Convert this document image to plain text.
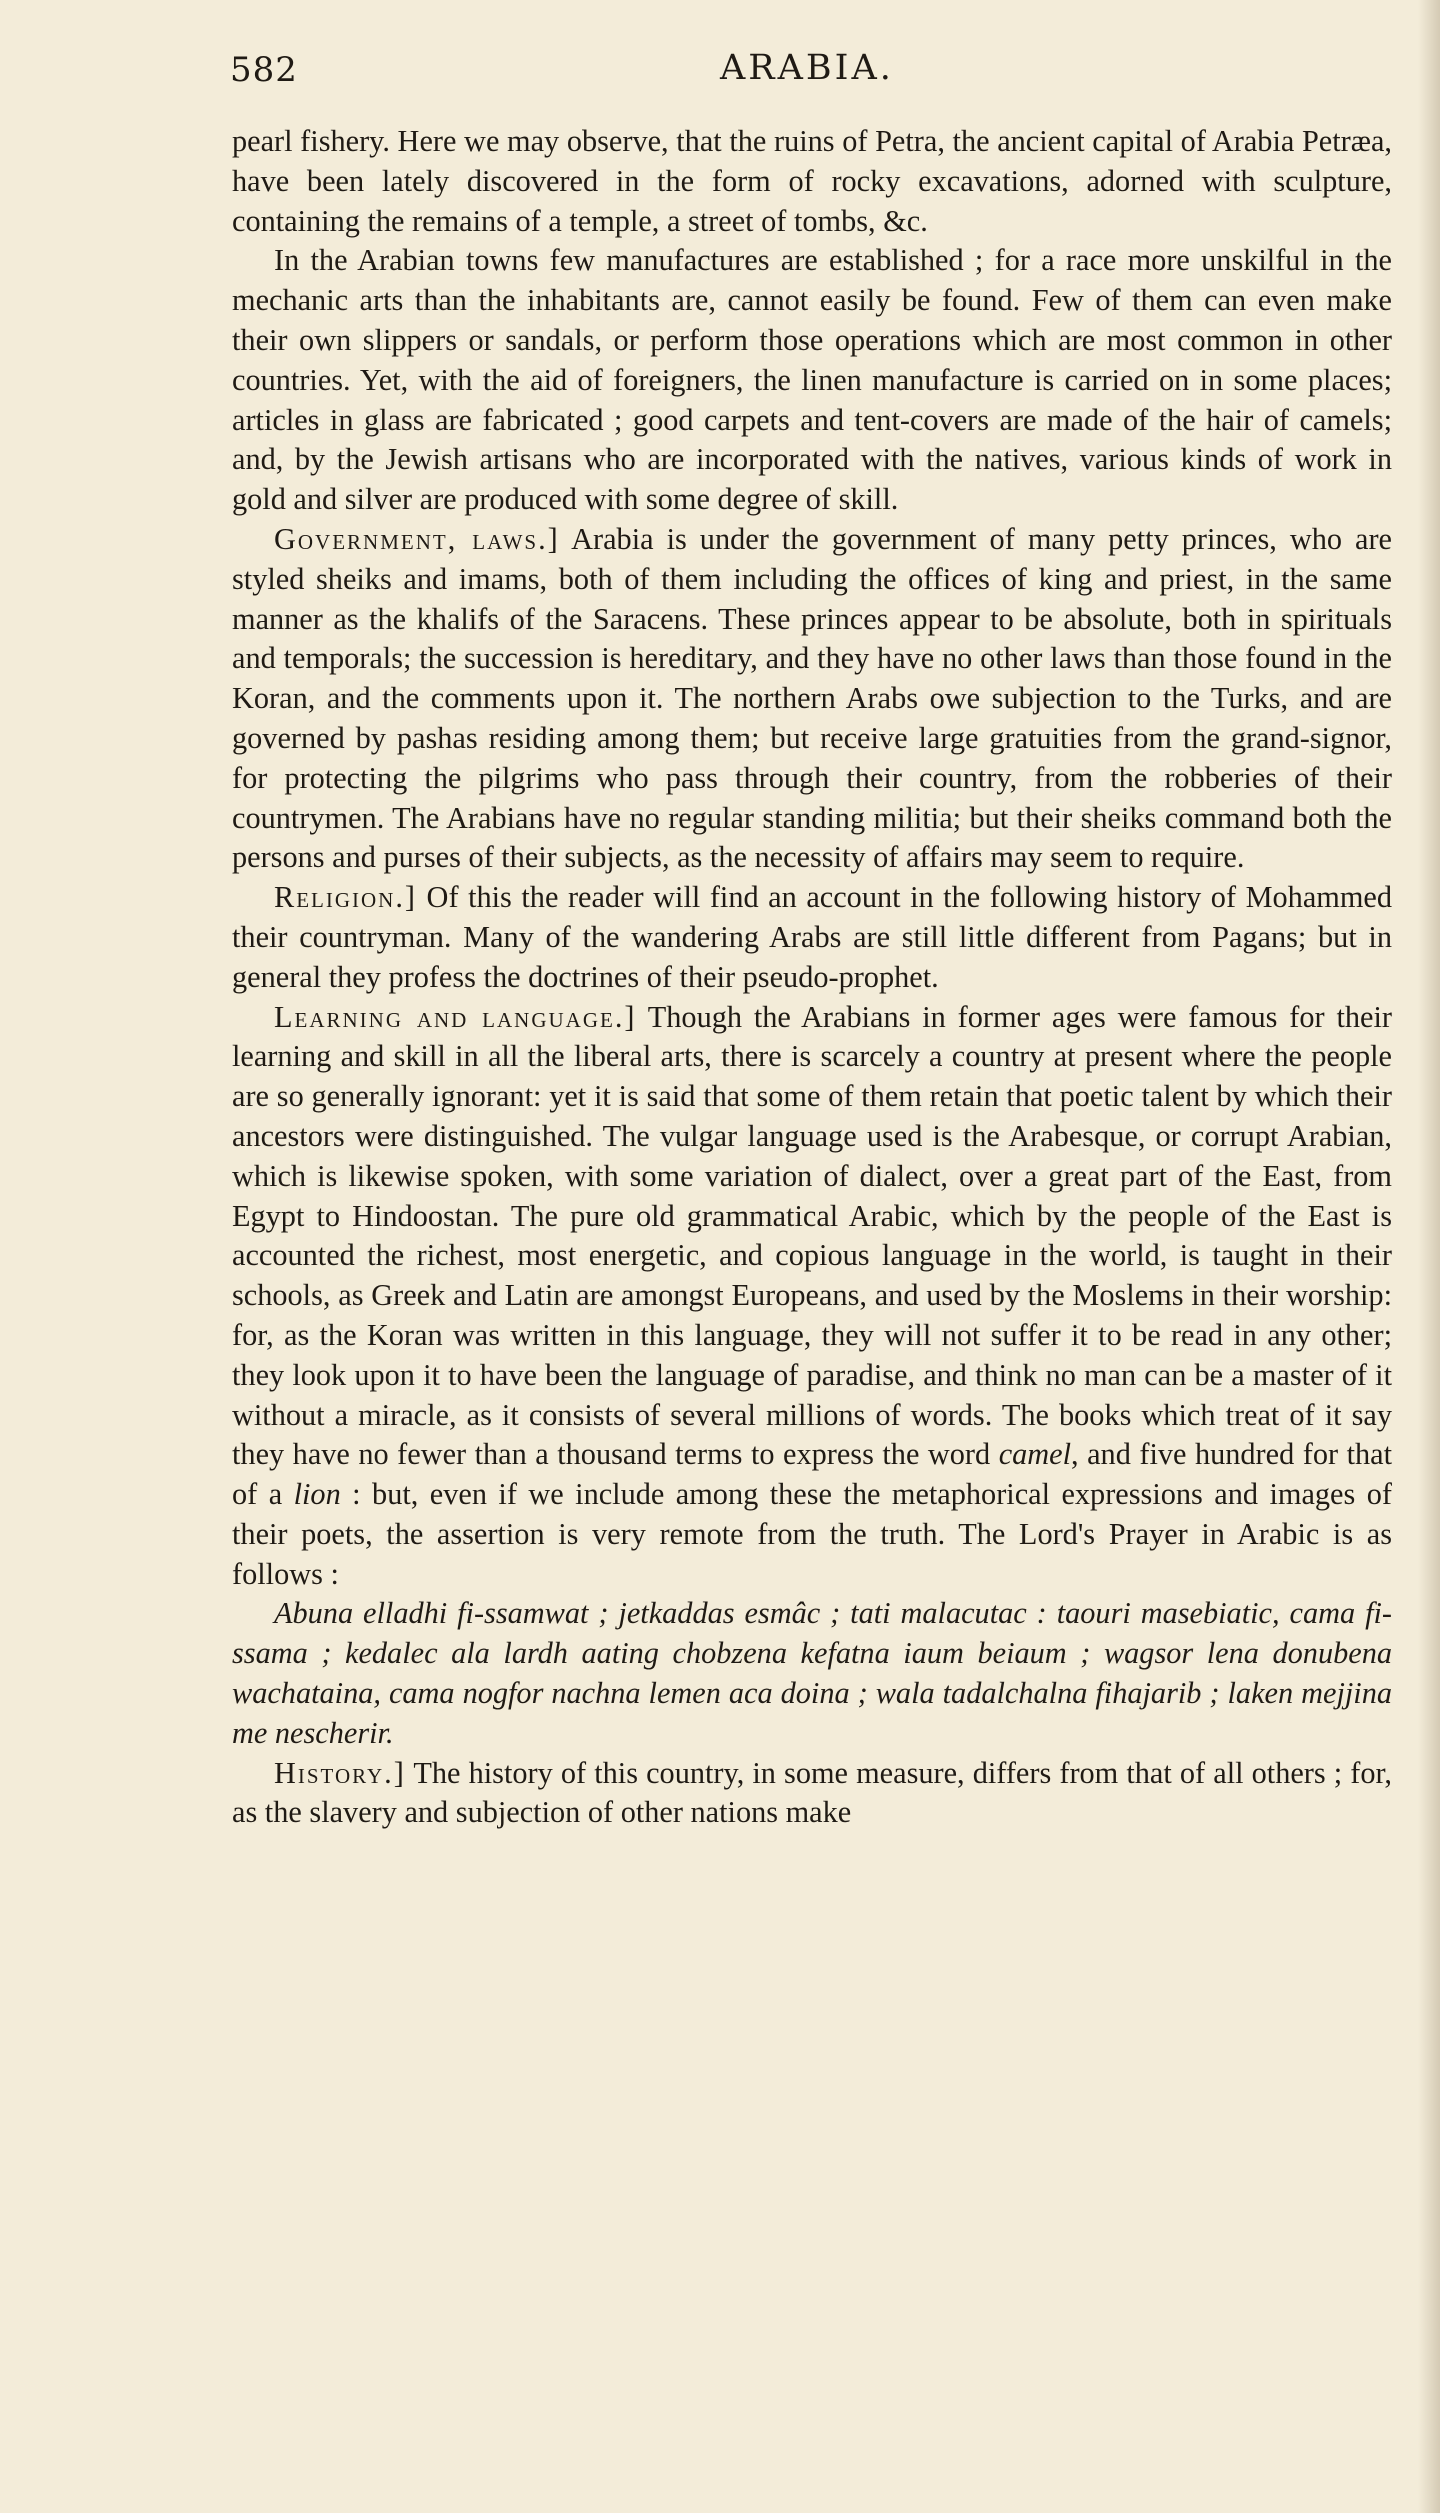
582	ARABIA.

pearl fishery. Here we may observe, that the ruins of Petra, the ancient capital of Arabia Petræa, have been lately discovered in the form of rocky excavations, adorned with sculpture, containing the remains of a temple, a street of tombs, &c.

In the Arabian towns few manufactures are established ; for a race more unskilful in the mechanic arts than the inhabitants are, cannot easily be found. Few of them can even make their own slippers or sandals, or perform those operations which are most common in other countries. Yet, with the aid of foreigners, the linen manufacture is carried on in some places; articles in glass are fabricated ; good carpets and tent-covers are made of the hair of camels; and, by the Jewish artisans who are incorporated with the natives, various kinds of work in gold and silver are produced with some degree of skill.

Government, laws.] Arabia is under the government of many petty princes, who are styled sheiks and imams, both of them including the offices of king and priest, in the same manner as the khalifs of the Saracens. These princes appear to be absolute, both in spirituals and temporals; the succession is hereditary, and they have no other laws than those found in the Koran, and the comments upon it. The northern Arabs owe subjection to the Turks, and are governed by pashas residing among them; but receive large gratuities from the grand-signor, for protecting the pilgrims who pass through their country, from the robberies of their countrymen. The Arabians have no regular standing militia; but their sheiks command both the persons and purses of their subjects, as the necessity of affairs may seem to require.

Religion.] Of this the reader will find an account in the following history of Mohammed their countryman. Many of the wandering Arabs are still little different from Pagans; but in general they profess the doctrines of their pseudo-prophet.

Learning and language.] Though the Arabians in former ages were famous for their learning and skill in all the liberal arts, there is scarcely a country at present where the people are so generally ignorant: yet it is said that some of them retain that poetic talent by which their ancestors were distinguished. The vulgar language used is the Arabesque, or corrupt Arabian, which is likewise spoken, with some variation of dialect, over a great part of the East, from Egypt to Hindoostan. The pure old grammatical Arabic, which by the people of the East is accounted the richest, most energetic, and copious language in the world, is taught in their schools, as Greek and Latin are amongst Europeans, and used by the Moslems in their worship: for, as the Koran was written in this language, they will not suffer it to be read in any other; they look upon it to have been the language of paradise, and think no man can be a master of it without a miracle, as it consists of several millions of words. The books which treat of it say they have no fewer than a thousand terms to express the word camel, and five hundred for that of a lion : but, even if we include among these the metaphorical expressions and images of their poets, the assertion is very remote from the truth. The Lord's Prayer in Arabic is as follows :

Abuna elladhi fi-ssamwat ; jetkaddas esmâc ; tati malacutac : taouri masebiatic, cama fi-ssama ; kedalec ala lardh aating chobzena kefatna iaum beiaum ; wagsor lena donubena wachataina, cama nogfor nachna lemen aca doina ; wala tadalchalna fihajarib ; laken mejjina me nescherir.

History.] The history of this country, in some measure, differs from that of all others ; for, as the slavery and subjection of other nations make
